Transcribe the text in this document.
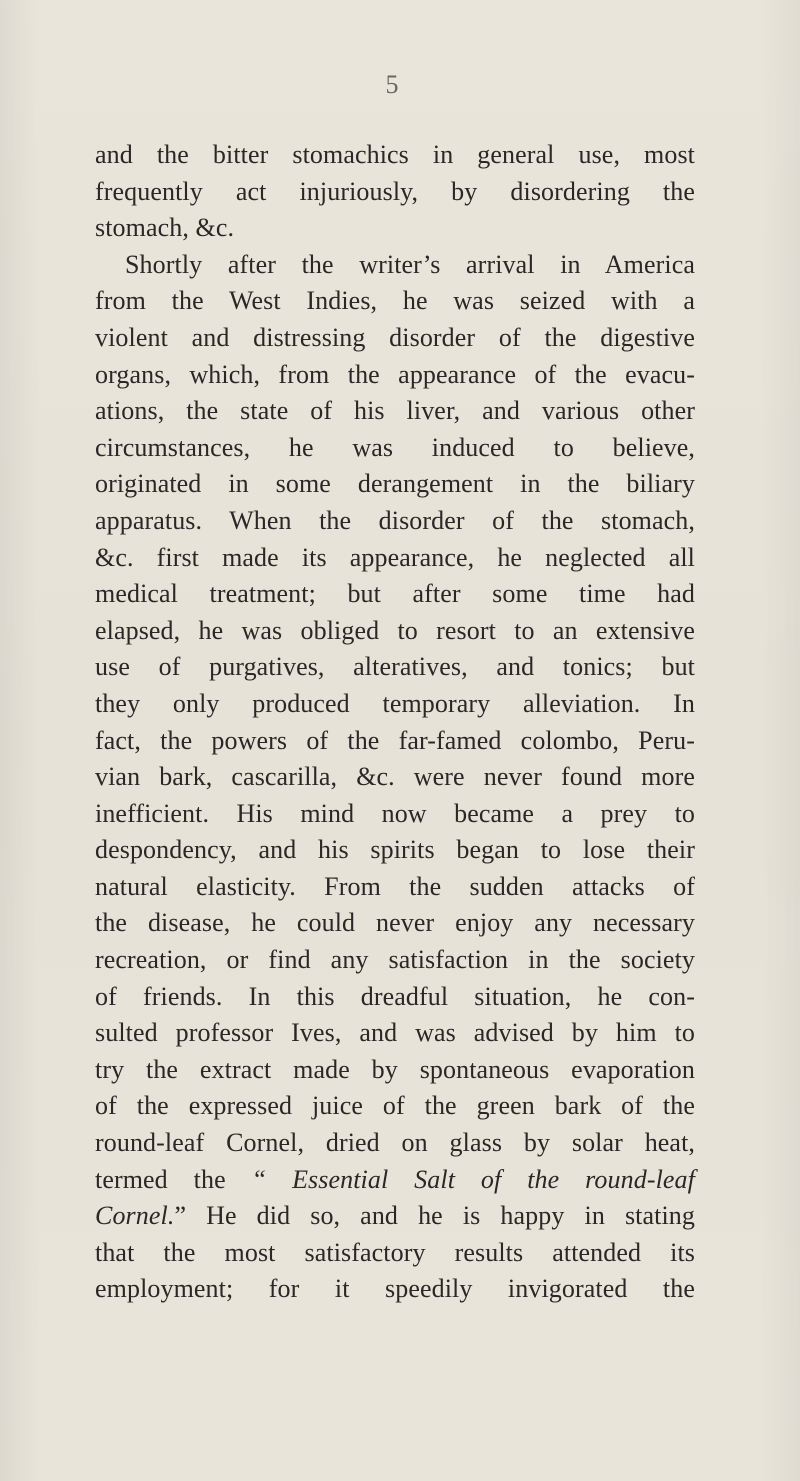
5
and the bitter stomachics in general use, most
frequently act injuriously, by disordering the
stomach, &c.
Shortly after the writer’s arrival in America
from the West Indies, he was seized with a
violent and distressing disorder of the digestive
organs, which, from the appearance of the evacu-
ations, the state of his liver, and various other
circumstances, he was induced to believe,
originated in some derangement in the biliary
apparatus. When the disorder of the stomach,
&c. first made its appearance, he neglected all
medical treatment; but after some time had
elapsed, he was obliged to resort to an extensive
use of purgatives, alteratives, and tonics; but
they only produced temporary alleviation. In
fact, the powers of the far-famed colombo, Peru-
vian bark, cascarilla, &c. were never found more
inefficient. His mind now became a prey to
despondency, and his spirits began to lose their
natural elasticity. From the sudden attacks of
the disease, he could never enjoy any necessary
recreation, or find any satisfaction in the society
of friends. In this dreadful situation, he con-
sulted professor Ives, and was advised by him to
try the extract made by spontaneous evaporation
of the expressed juice of the green bark of the
round-leaf Cornel, dried on glass by solar heat,
termed the “ Essential Salt of the round-leaf
Cornel.” He did so, and he is happy in stating
that the most satisfactory results attended its
employment; for it speedily invigorated the
